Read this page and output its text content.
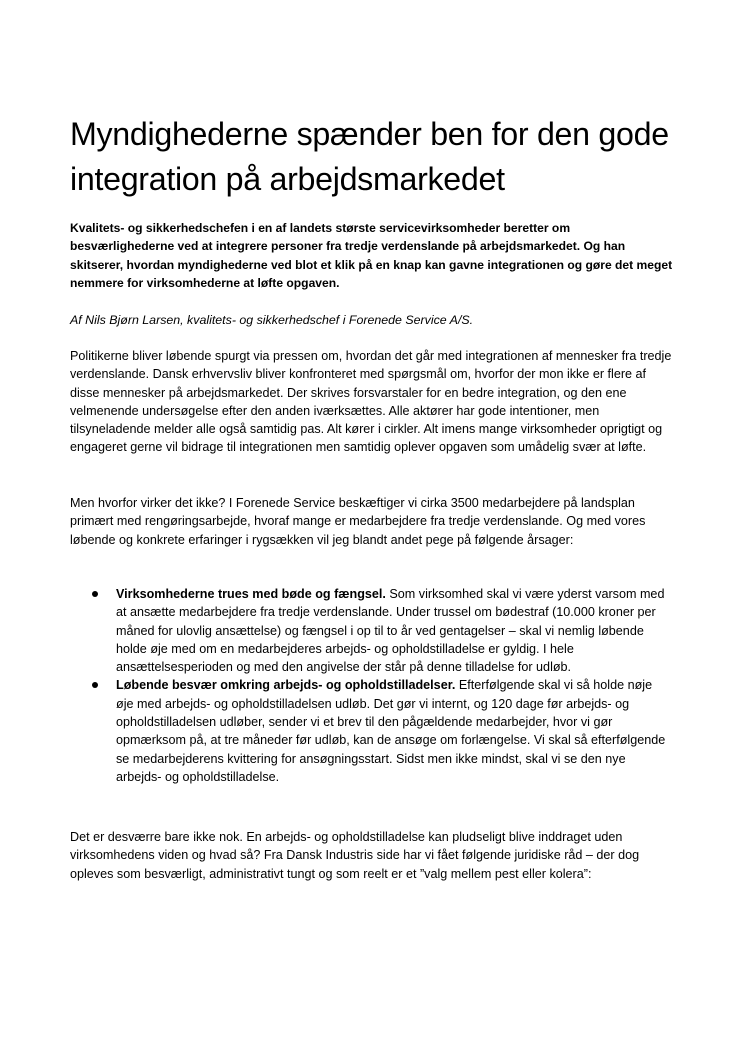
Myndighederne spænder ben for den gode integration på arbejdsmarkedet

Kvalitets- og sikkerhedschefen i en af landets største servicevirksomheder beretter om besværlighederne ved at integrere personer fra tredje verdenslande på arbejdsmarkedet. Og han skitserer, hvordan myndighederne ved blot et klik på en knap kan gavne integrationen og gøre det meget nemmere for virksomhederne at løfte opgaven.

Af Nils Bjørn Larsen, kvalitets- og sikkerhedschef i Forenede Service A/S.

Politikerne bliver løbende spurgt via pressen om, hvordan det går med integrationen af mennesker fra tredje verdenslande. Dansk erhvervsliv bliver konfronteret med spørgsmål om, hvorfor der mon ikke er flere af disse mennesker på arbejdsmarkedet. Der skrives forsvarstaler for en bedre integration, og den ene velmenende undersøgelse efter den anden iværksættes. Alle aktører har gode intentioner, men tilsyneladende melder alle også samtidig pas. Alt kører i cirkler. Alt imens mange virksomheder oprigtigt og engageret gerne vil bidrage til integrationen men samtidig oplever opgaven som umådelig svær at løfte.

Men hvorfor virker det ikke? I Forenede Service beskæftiger vi cirka 3500 medarbejdere på landsplan primært med rengøringsarbejde, hvoraf mange er medarbejdere fra tredje verdenslande. Og med vores løbende og konkrete erfaringer i rygsækken vil jeg blandt andet pege på følgende årsager:

Virksomhederne trues med bøde og fængsel. Som virksomhed skal vi være yderst varsom med at ansætte medarbejdere fra tredje verdenslande. Under trussel om bødestraf (10.000 kroner per måned for ulovlig ansættelse) og fængsel i op til to år ved gentagelser – skal vi nemlig løbende holde øje med om en medarbejderes arbejds- og opholdstilladelse er gyldig. I hele ansættelsesperioden og med den angivelse der står på denne tilladelse for udløb.
Løbende besvær omkring arbejds- og opholdstilladelser. Efterfølgende skal vi så holde nøje øje med arbejds- og opholdstilladelsen udløb. Det gør vi internt, og 120 dage før arbejds- og opholdstilladelsen udløber, sender vi et brev til den pågældende medarbejder, hvor vi gør opmærksom på, at tre måneder før udløb, kan de ansøge om forlængelse. Vi skal så efterfølgende se medarbejderens kvittering for ansøgningsstart. Sidst men ikke mindst, skal vi se den nye arbejds- og opholdstilladelse.

Det er desværre bare ikke nok. En arbejds- og opholdstilladelse kan pludseligt blive inddraget uden virksomhedens viden og hvad så? Fra Dansk Industris side har vi fået følgende juridiske råd – der dog opleves som besværligt, administrativt tungt og som reelt er et ”valg mellem pest eller kolera”:
